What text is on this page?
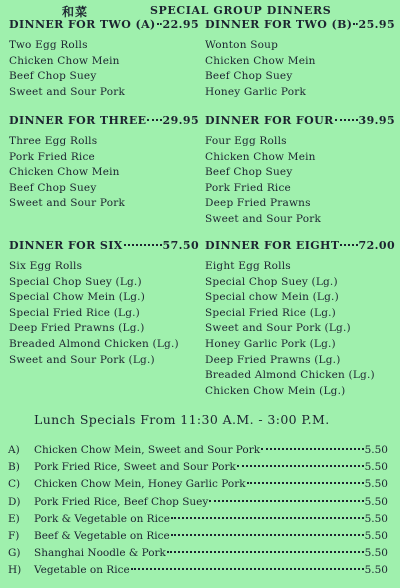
和菜	SPECIAL GROUP DINNERS
DINNER FOR TWO (A) 22.95
Two Egg Rolls
Chicken Chow Mein
Beef Chop Suey
Sweet and Sour Pork
DINNER FOR TWO (B) 25.95
Wonton Soup
Chicken Chow Mein
Beef Chop Suey
Honey Garlic Pork
DINNER FOR THREE 29.95
Three Egg Rolls
Pork Fried Rice
Chicken Chow Mein
Beef Chop Suey
Sweet and Sour Pork
DINNER FOR FOUR 39.95
Four Egg Rolls
Chicken Chow Mein
Beef Chop Suey
Pork Fried Rice
Deep Fried Prawns
Sweet and Sour Pork
DINNER FOR SIX	57.50
Six Egg Rolls
Special Chop Suey (Lg.)
Special Chow Mein (Lg.)
Special Fried Rice (Lg.)
Deep Fried Prawns (Lg.)
Breaded Almond Chicken (Lg.)
Sweet and Sour Pork (Lg.)
DINNER FOR EIGHT 72.00
Eight Egg Rolls
Special Chop Suey (Lg.)
Special chow Mein (Lg.)
Special Fried Rice (Lg.)
Sweet and Sour Pork (Lg.)
Honey Garlic Pork (Lg.)
Deep Fried Prawns (Lg.)
Breaded Almond Chicken (Lg.)
Chicken Chow Mein (Lg.)
Lunch Specials From 11:30 A.M. - 3:00 P.M.
A)	Chicken Chow Mein, Sweet and Sour Pork	5.50
B)	Pork Fried Rice, Sweet and Sour Pork	5.50
C)	Chicken Chow Mein, Honey Garlic Pork	5.50
D)	Pork Fried Rice, Beef Chop Suey	5.50
E)	Pork & Vegetable on Rice	5.50
F)	Beef & Vegetable on Rice	5.50
G)	Shanghai Noodle & Pork	5.50
H)	Vegetable on Rice	5.50
